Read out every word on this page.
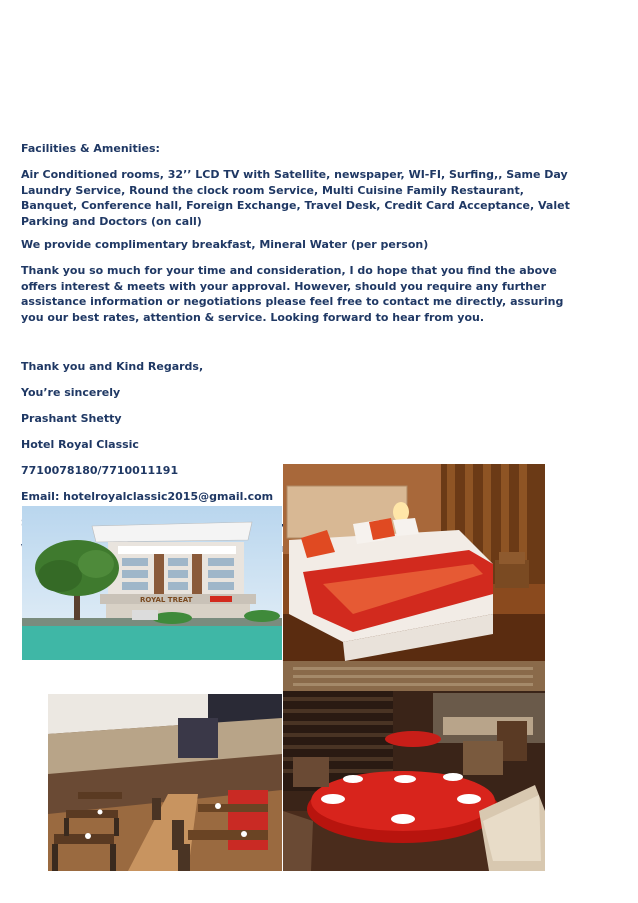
Facilities & Amenities:

Air Conditioned rooms, 32’’ LCD TV with Satellite, newspaper, WI-FI, Surfing,, Same Day Laundry Service, Round the clock room Service, Multi Cuisine Family Restaurant, Banquet, Conference hall, Foreign Exchange, Travel Desk, Credit Card Acceptance, Valet Parking and Doctors (on call)

We provide complimentary breakfast, Mineral Water (per person)

Thank you so much for your time and consideration, I do hope that you find the above offers interest & meets with your approval. However, should you require any further assistance information or negotiations please feel free to contact me directly, assuring you our best rates, attention & service. Looking forward to hear from you.

Thank you and Kind Regards,

You’re sincerely

Prashant Shetty

Hotel Royal Classic

7710078180/7710011191

Email: hotelroyalclassic2015@gmail.com

ROYAL TREAT
